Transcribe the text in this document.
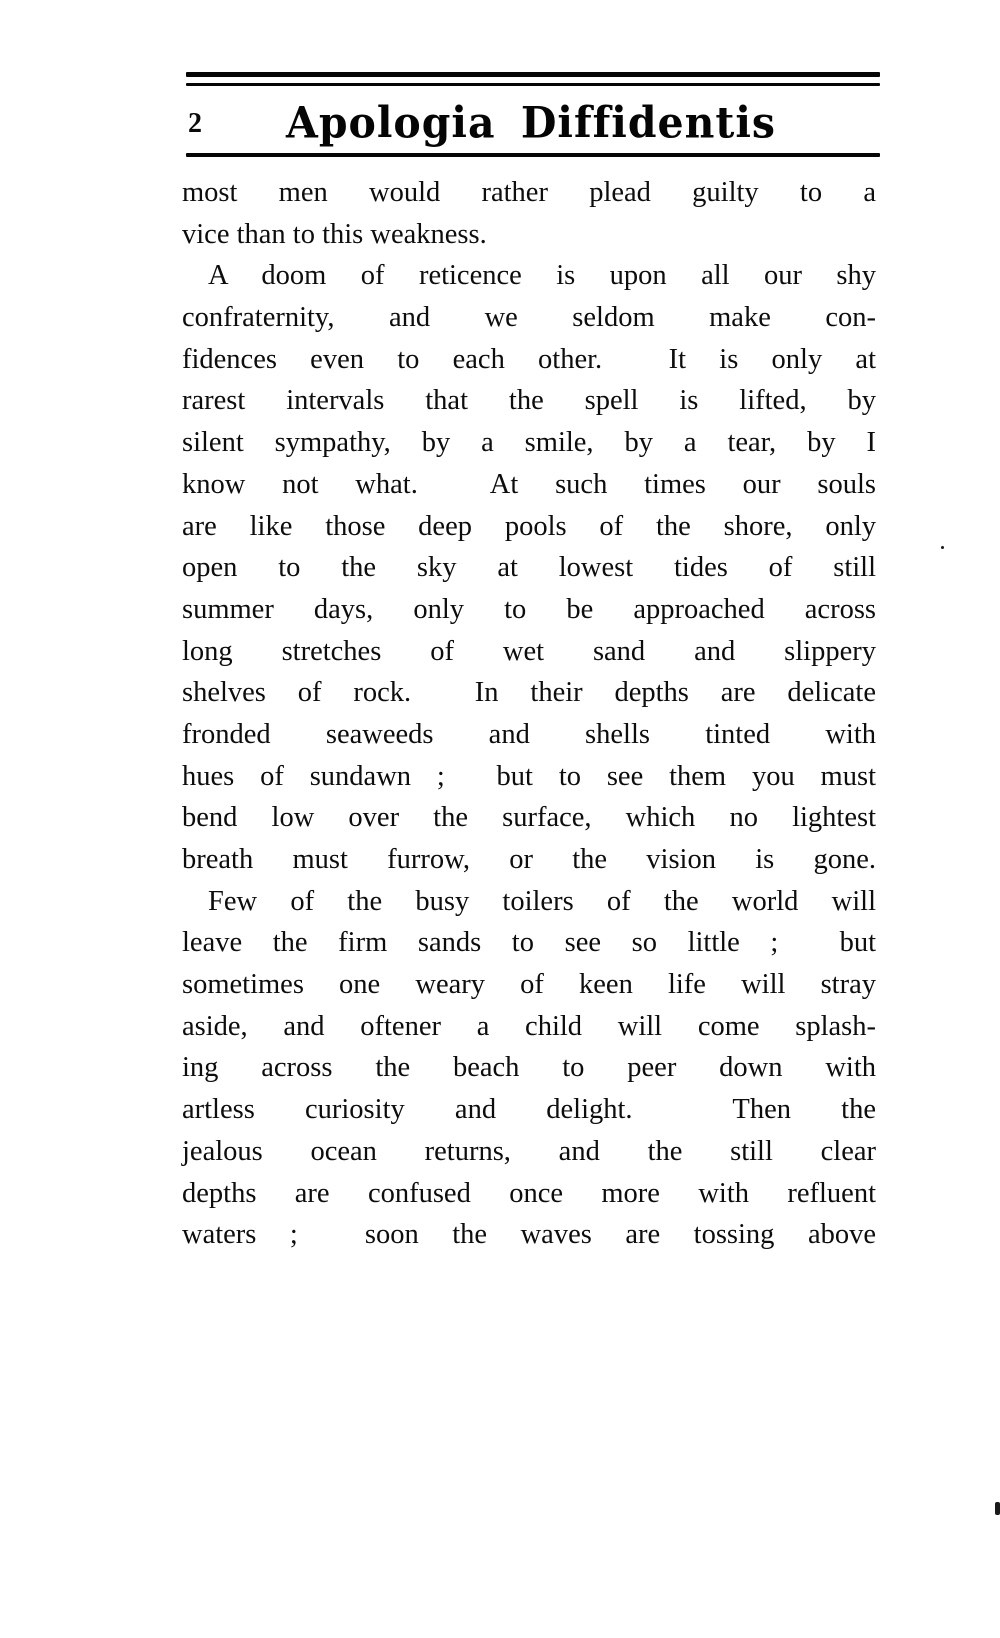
2	Apologia Diffidentis
most men would rather plead guilty to a
vice than to this weakness.
A doom of reticence is upon all our shy
confraternity, and we seldom make con-
fidences even to each other.  It is only at
rarest intervals that the spell is lifted, by
silent sympathy, by a smile, by a tear, by I
know not what.  At such times our souls
are like those deep pools of the shore, only
open to the sky at lowest tides of still
summer days, only to be approached across
long stretches of wet sand and slippery
shelves of rock.  In their depths are delicate
fronded seaweeds and shells tinted with
hues of sundawn ;  but to see them you must
bend low over the surface, which no lightest
breath must furrow, or the vision is gone.
Few of the busy toilers of the world will
leave the firm sands to see so little ;  but
sometimes one weary of keen life will stray
aside, and oftener a child will come splash-
ing across the beach to peer down with
artless curiosity and delight.  Then the
jealous ocean returns, and the still clear
depths are confused once more with refluent
waters ;  soon the waves are tossing above
